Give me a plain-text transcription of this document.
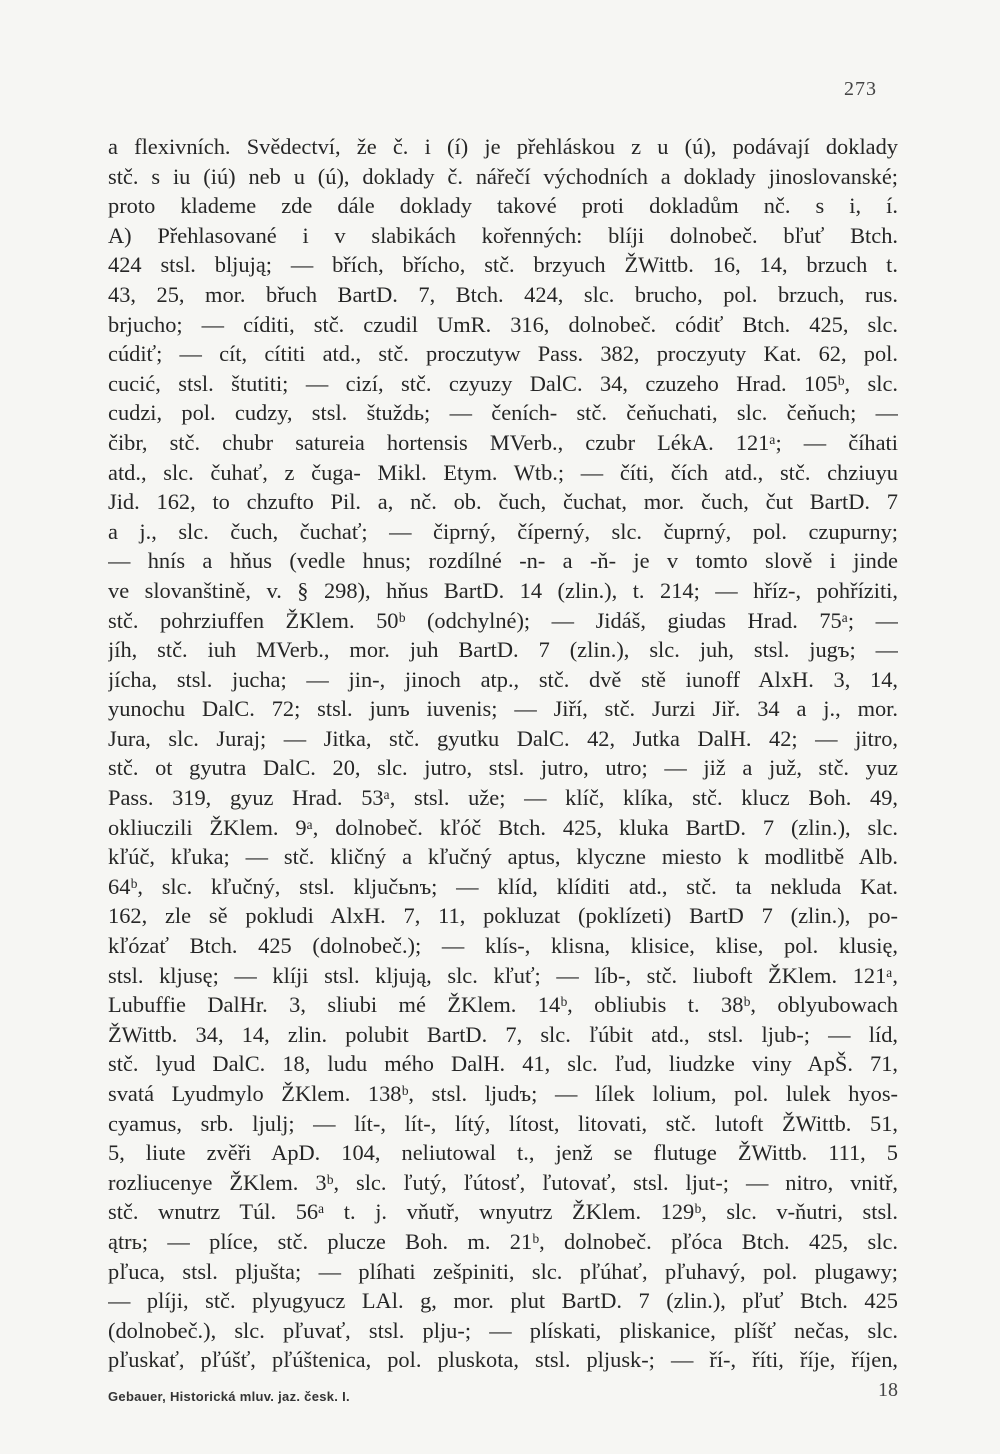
273
a flexivních. Svědectví, že č. i (í) je přehláskou z u (ú), podávají doklady
stč. s iu (iú) neb u (ú), doklady č. nářečí východních a doklady jinoslovanské;
proto klademe zde dále doklady takové proti dokladům nč. s i, í.
A) Přehlasované i v slabikách kořenných: blíji dolnobeč. bľuť Btch.
424 stsl. bljują; — břích, břícho, stč. brzyuch ŽWittb. 16, 14, brzuch t.
43, 25, mor. břuch BartD. 7, Btch. 424, slc. brucho, pol. brzuch, rus.
brjucho; — cíditi, stč. czudil UmR. 316, dolnobeč. códiť Btch. 425, slc.
cúdiť; — cít, cítiti atd., stč. proczutyw Pass. 382, proczyuty Kat. 62, pol.
cucić, stsl. štutiti; — cizí, stč. czyuzy DalC. 34, czuzeho Hrad. 105ᵇ, slc.
cudzi, pol. cudzy, stsl. štuždь; — čeních- stč. čeňuchati, slc. čeňuch; —
čibr, stč. chubr satureia hortensis MVerb., czubr LékA. 121ᵃ; — číhati
atd., slc. čuhať, z čuga- Mikl. Etym. Wtb.; — číti, čích atd., stč. chziuyu
Jid. 162, to chzufto Pil. a, nč. ob. čuch, čuchat, mor. čuch, čut BartD. 7
a j., slc. čuch, čuchať; — čiprný, číperný, slc. čuprný, pol. czupurny;
— hnís a hňus (vedle hnus; rozdílné -n- a -ň- je v tomto slově i jinde
ve slovanštině, v. § 298), hňus BartD. 14 (zlin.), t. 214; — hříz-, pohříziti,
stč. pohrziuffen ŽKlem. 50ᵇ (odchylné); — Jidáš, giudas Hrad. 75ᵃ; —
jíh, stč. iuh MVerb., mor. juh BartD. 7 (zlin.), slc. juh, stsl. jugъ; —
jícha, stsl. jucha; — jin-, jinoch atp., stč. dvě stě iunoff AlxH. 3, 14,
yunochu DalC. 72; stsl. junъ iuvenis; — Jiří, stč. Jurzi Jiř. 34 a j., mor.
Jura, slc. Juraj; — Jitka, stč. gyutku DalC. 42, Jutka DalH. 42; — jitro,
stč. ot gyutra DalC. 20, slc. jutro, stsl. jutro, utro; — již a juž, stč. yuz
Pass. 319, gyuz Hrad. 53ᵃ, stsl. uže; — klíč, klíka, stč. klucz Boh. 49,
okliuczili ŽKlem. 9ᵃ, dolnobeč. kľóč Btch. 425, kluka BartD. 7 (zlin.), slc.
kľúč, kľuka; — stč. kličný a kľučný aptus, klyczne miesto k modlitbě Alb.
64ᵇ, slc. kľučný, stsl. ključьnъ; — klíd, klíditi atd., stč. ta nekluda Kat.
162, zle sě pokludi AlxH. 7, 11, pokluzat (poklízeti) BartD 7 (zlin.), po-
kľózať Btch. 425 (dolnobeč.); — klís-, klisna, klisice, klise, pol. klusię,
stsl. kljusę; — klíji stsl. kljują, slc. kľuť; — líb-, stč. liuboft ŽKlem. 121ᵃ,
Lubuffie DalHr. 3, sliubi mé ŽKlem. 14ᵇ, obliubis t. 38ᵇ, oblyubowach
ŽWittb. 34, 14, zlin. polubit BartD. 7, slc. ľúbit atd., stsl. ljub-; — líd,
stč. lyud DalC. 18, ludu mého DalH. 41, slc. ľud, liudzke viny ApŠ. 71,
svatá Lyudmylo ŽKlem. 138ᵇ, stsl. ljudъ; — lílek lolium, pol. lulek hyos-
cyamus, srb. ljulj; — lít-, lít-, lítý, lítost, litovati, stč. lutoft ŽWittb. 51,
5, liute zvěři ApD. 104, neliutowal t., jenž se flutuge ŽWittb. 111, 5
rozliucenye ŽKlem. 3ᵇ, slc. ľutý, ľútosť, ľutovať, stsl. ljut-; — nitro, vnitř,
stč. wnutrz Túl. 56ᵃ t. j. vňutř, wnyutrz ŽKlem. 129ᵇ, slc. v-ňutri, stsl.
ątrь; — plíce, stč. plucze Boh. m. 21ᵇ, dolnobeč. pľóca Btch. 425, slc.
pľuca, stsl. pljušta; — plíhati zešpiniti, slc. pľúhať, pľuhavý, pol. plugawy;
— plíji, stč. plyugyucz LAl. g, mor. plut BartD. 7 (zlin.), pľuť Btch. 425
(dolnobeč.), slc. pľuvať, stsl. plju-; — plískati, pliskanice, plíšť nečas, slc.
pľuskať, pľúšť, pľúštenica, pol. pluskota, stsl. pljusk-; — ří-, říti, říje, říjen,
Gebauer, Historická mluv. jaz. česk. I.	18
